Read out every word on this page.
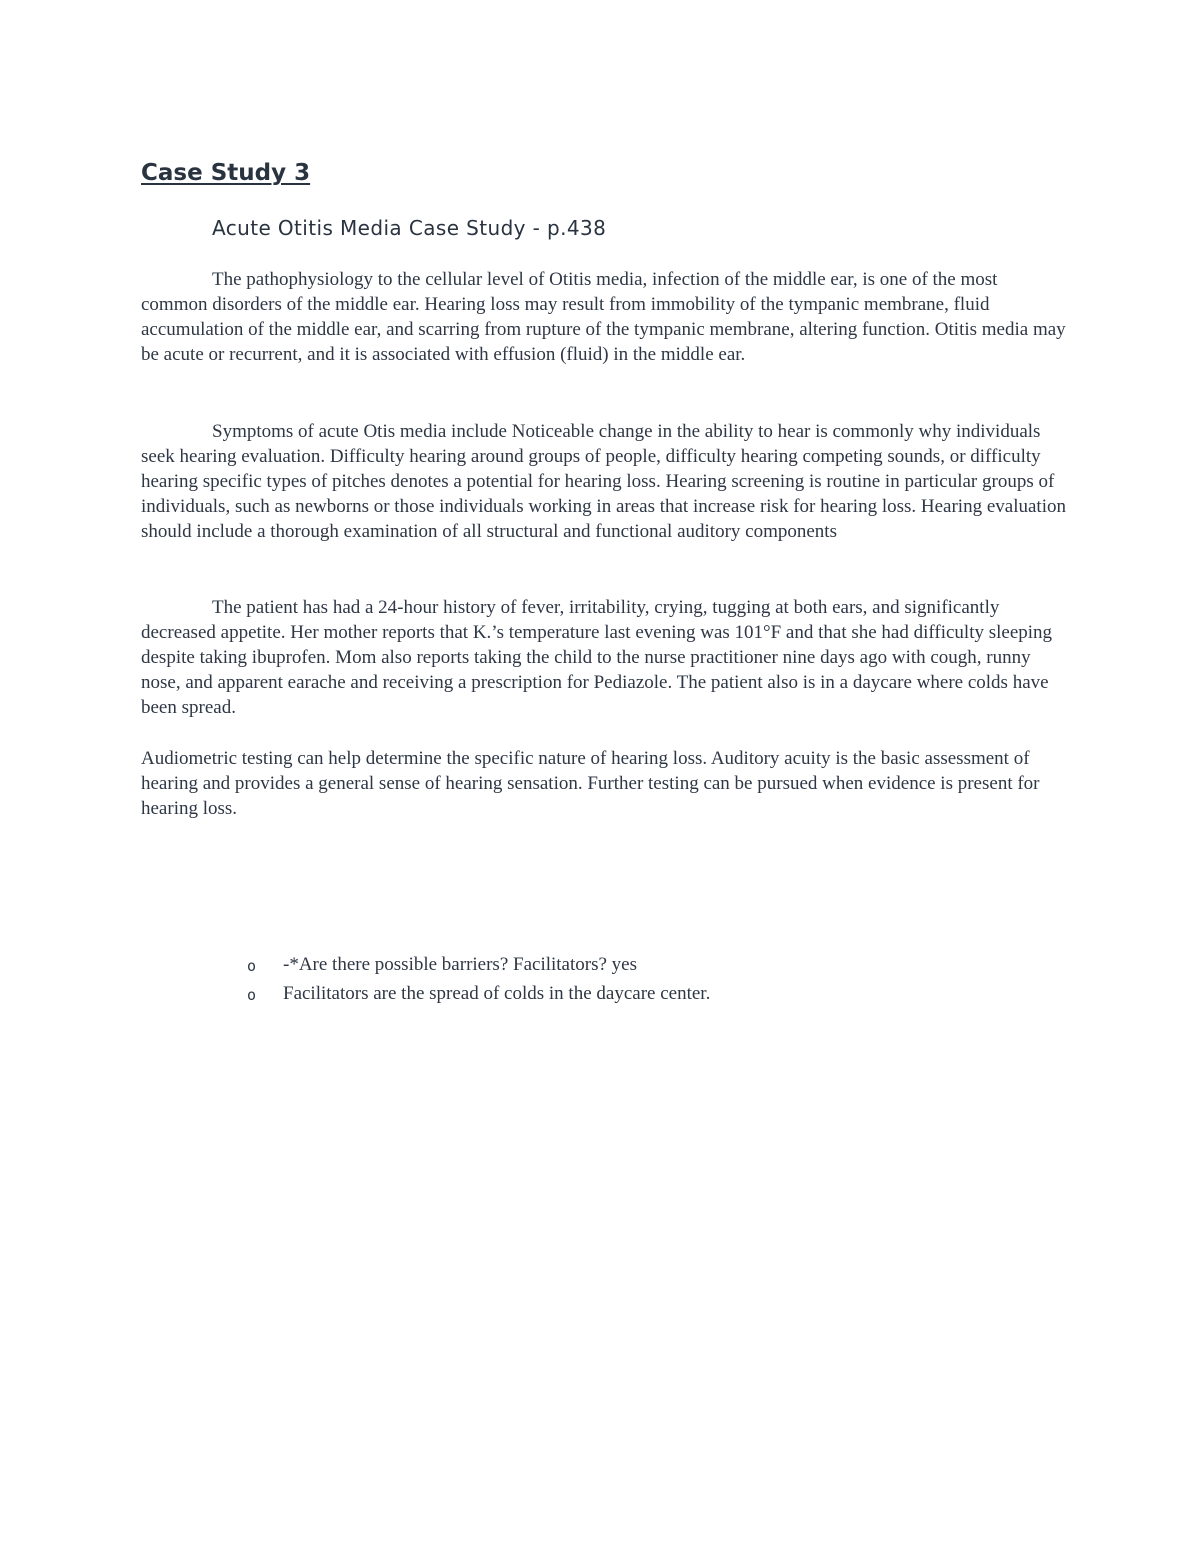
Case Study 3
Acute Otitis Media Case Study - p.438

The pathophysiology to the cellular level of Otitis media, infection of the middle ear, is one of the most common disorders of the middle ear. Hearing loss may result from immobility of the tympanic membrane, fluid accumulation of the middle ear, and scarring from rupture of the tympanic membrane, altering function. Otitis media may be acute or recurrent, and it is associated with effusion (fluid) in the middle ear.

Symptoms of acute Otis media include Noticeable change in the ability to hear is commonly why individuals seek hearing evaluation. Difficulty hearing around groups of people, difficulty hearing competing sounds, or difficulty hearing specific types of pitches denotes a potential for hearing loss. Hearing screening is routine in particular groups of individuals, such as newborns or those individuals working in areas that increase risk for hearing loss. Hearing evaluation should include a thorough examination of all structural and functional auditory components

The patient has had a 24-hour history of fever, irritability, crying, tugging at both ears, and significantly decreased appetite. Her mother reports that K.’s temperature last evening was 101°F and that she had difficulty sleeping despite taking ibuprofen. Mom also reports taking the child to the nurse practitioner nine days ago with cough, runny nose, and apparent earache and receiving a prescription for Pediazole. The patient also is in a daycare where colds have been spread.

Audiometric testing can help determine the specific nature of hearing loss. Auditory acuity is the basic assessment of hearing and provides a general sense of hearing sensation. Further testing can be pursued when evidence is present for hearing loss.

o -*Are there possible barriers? Facilitators? yes
o Facilitators are the spread of colds in the daycare center.
